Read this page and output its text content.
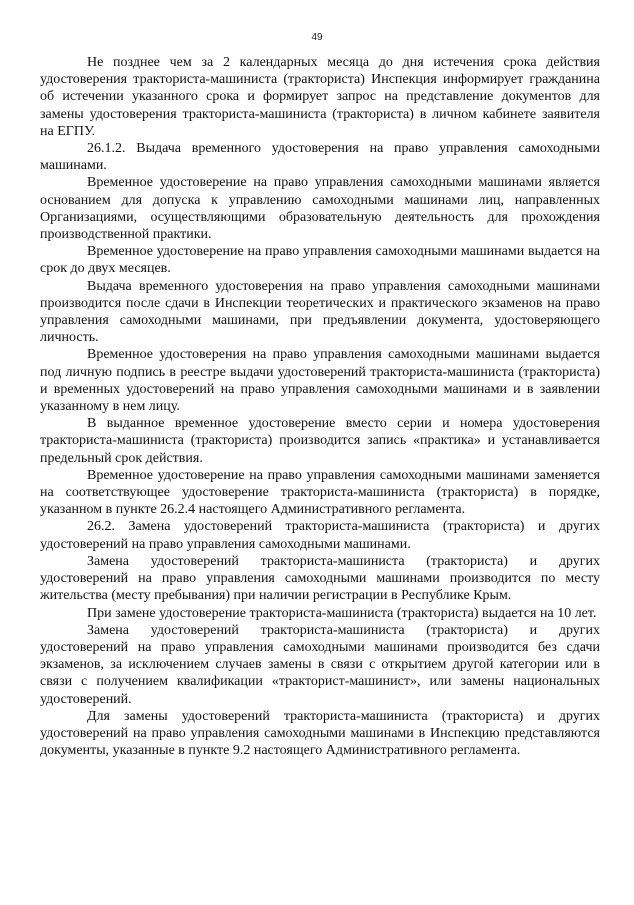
49

Не позднее чем за 2 календарных месяца до дня истечения срока действия удостоверения тракториста-машиниста (тракториста) Инспекция информирует гражданина об истечении указанного срока и формирует запрос на представление документов для замены удостоверения тракториста-машиниста (тракториста) в личном кабинете заявителя на ЕГПУ.

26.1.2. Выдача временного удостоверения на право управления самоходными машинами.

Временное удостоверение на право управления самоходными машинами является основанием для допуска к управлению самоходными машинами лиц, направленных Организациями, осуществляющими образовательную деятельность для прохождения производственной практики.

Временное удостоверение на право управления самоходными машинами выдается на срок до двух месяцев.

Выдача временного удостоверения на право управления самоходными машинами производится после сдачи в Инспекции теоретических и практического экзаменов на право управления самоходными машинами, при предъявлении документа, удостоверяющего личность.

Временное удостоверения на право управления самоходными машинами выдается под личную подпись в реестре выдачи удостоверений тракториста-машиниста (тракториста) и временных удостоверений на право управления самоходными машинами и в заявлении указанному в нем лицу.

В выданное временное удостоверение вместо серии и номера удостоверения тракториста-машиниста (тракториста) производится запись «практика» и устанавливается предельный срок действия.

Временное удостоверение на право управления самоходными машинами заменяется на соответствующее удостоверение тракториста-машиниста (тракториста) в порядке, указанном в пункте 26.2.4 настоящего Административного регламента.

26.2. Замена удостоверений тракториста-машиниста (тракториста) и других удостоверений на право управления самоходными машинами.

Замена удостоверений тракториста-машиниста (тракториста) и других удостоверений на право управления самоходными машинами производится по месту жительства (месту пребывания) при наличии регистрации в Республике Крым.

При замене удостоверение тракториста-машиниста (тракториста) выдается на 10 лет.

Замена удостоверений тракториста-машиниста (тракториста) и других удостоверений на право управления самоходными машинами производится без сдачи экзаменов, за исключением случаев замены в связи с открытием другой категории или в связи с получением квалификации «тракторист-машинист», или замены национальных удостоверений.

Для замены удостоверений тракториста-машиниста (тракториста) и других удостоверений на право управления самоходными машинами в Инспекцию представляются документы, указанные в пункте 9.2 настоящего Административного регламента.
